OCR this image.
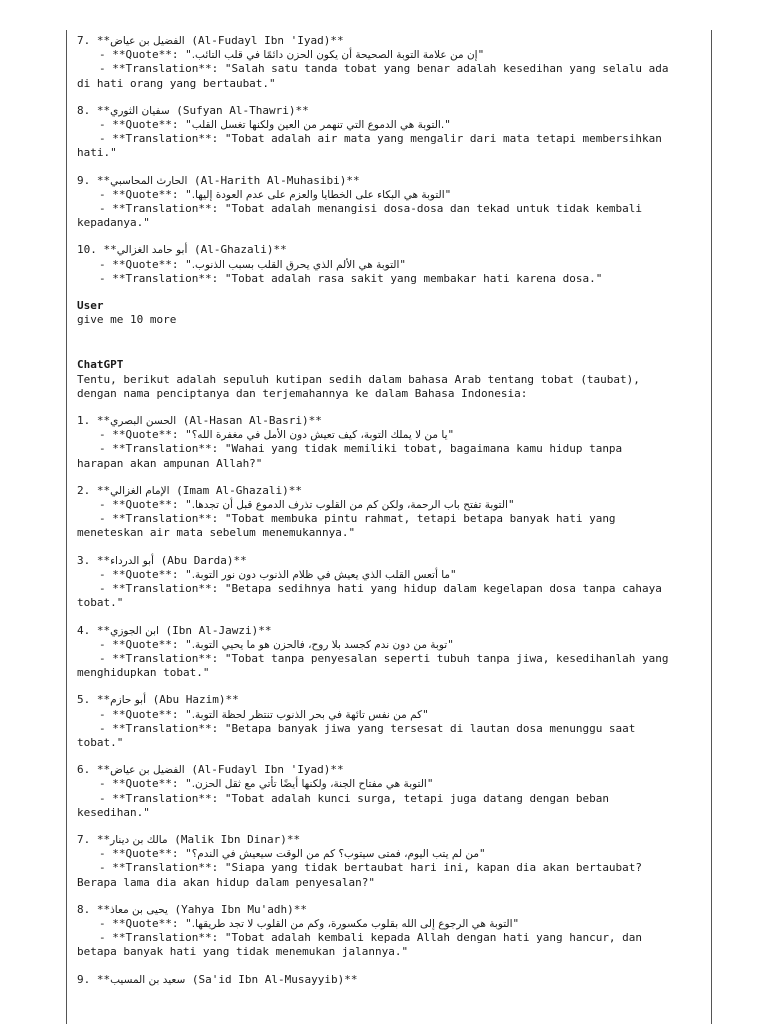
7. **الفضيل بن عياض (Al-Fudayl Ibn 'Iyad)**
- **Quote**: "إن من علامة التوبة الصحيحة أن يكون الحزن دائمًا في قلب التائب."
- **Translation**: "Salah satu tanda tobat yang benar adalah kesedihan yang selalu ada
di hati orang yang bertaubat."
8. **سفيان الثوري (Sufyan Al-Thawri)**
- **Quote**: ".التوبة هي الدموع التي تنهمر من العين ولكنها تغسل القلب"
- **Translation**: "Tobat adalah air mata yang mengalir dari mata tetapi membersihkan
hati."
9. **الحارث المحاسبي (Al-Harith Al-Muhasibi)**
- **Quote**: "التوبة هي البكاء على الخطايا والعزم على عدم العودة إليها."
- **Translation**: "Tobat adalah menangisi dosa-dosa dan tekad untuk tidak kembali
kepadanya."
10. **أبو حامد الغزالي (Al-Ghazali)**
- **Quote**: "التوبة هي الألم الذي يحرق القلب بسبب الذنوب."
- **Translation**: "Tobat adalah rasa sakit yang membakar hati karena dosa."
User
give me 10 more
ChatGPT
Tentu, berikut adalah sepuluh kutipan sedih dalam bahasa Arab tentang tobat (taubat),
dengan nama penciptanya dan terjemahannya ke dalam Bahasa Indonesia:
1. **الحسن البصري (Al-Hasan Al-Basri)**
- **Quote**: "يا من لا يملك التوبة، كيف تعيش دون الأمل في مغفرة الله؟"
- **Translation**: "Wahai yang tidak memiliki tobat, bagaimana kamu hidup tanpa
harapan akan ampunan Allah?"
2. **الإمام الغزالي (Imam Al-Ghazali)**
- **Quote**: "التوبة تفتح باب الرحمة، ولكن كم من القلوب تذرف الدموع قبل أن تجدها."
- **Translation**: "Tobat membuka pintu rahmat, tetapi betapa banyak hati yang
meneteskan air mata sebelum menemukannya."
3. **أبو الدرداء (Abu Darda)**
- **Quote**: "ما أتعس القلب الذي يعيش في ظلام الذنوب دون نور التوبة."
- **Translation**: "Betapa sedihnya hati yang hidup dalam kegelapan dosa tanpa cahaya
tobat."
4. **ابن الجوزي (Ibn Al-Jawzi)**
- **Quote**: "توبة من دون ندم كجسد بلا روح، فالحزن هو ما يحيي التوبة."
- **Translation**: "Tobat tanpa penyesalan seperti tubuh tanpa jiwa, kesedihanlah yang
menghidupkan tobat."
5. **أبو حازم (Abu Hazim)**
- **Quote**: "كم من نفس تائهة في بحر الذنوب تنتظر لحظة التوبة."
- **Translation**: "Betapa banyak jiwa yang tersesat di lautan dosa menunggu saat
tobat."
6. **الفضيل بن عياض (Al-Fudayl Ibn 'Iyad)**
- **Quote**: "التوبة هي مفتاح الجنة، ولكنها أيضًا تأتي مع ثقل الحزن."
- **Translation**: "Tobat adalah kunci surga, tetapi juga datang dengan beban
kesedihan."
7. **مالك بن دينار (Malik Ibn Dinar)**
- **Quote**: "من لم يتب اليوم، فمتى سيتوب؟ كم من الوقت سيعيش في الندم؟"
- **Translation**: "Siapa yang tidak bertaubat hari ini, kapan dia akan bertaubat?
Berapa lama dia akan hidup dalam penyesalan?"
8. **يحيى بن معاذ (Yahya Ibn Mu'adh)**
- **Quote**: "التوبة هي الرجوع إلى الله بقلوب مكسورة، وكم من القلوب لا تجد طريقها."
- **Translation**: "Tobat adalah kembali kepada Allah dengan hati yang hancur, dan
betapa banyak hati yang tidak menemukan jalannya."
9. **سعيد بن المسيب (Sa'id Ibn Al-Musayyib)**
